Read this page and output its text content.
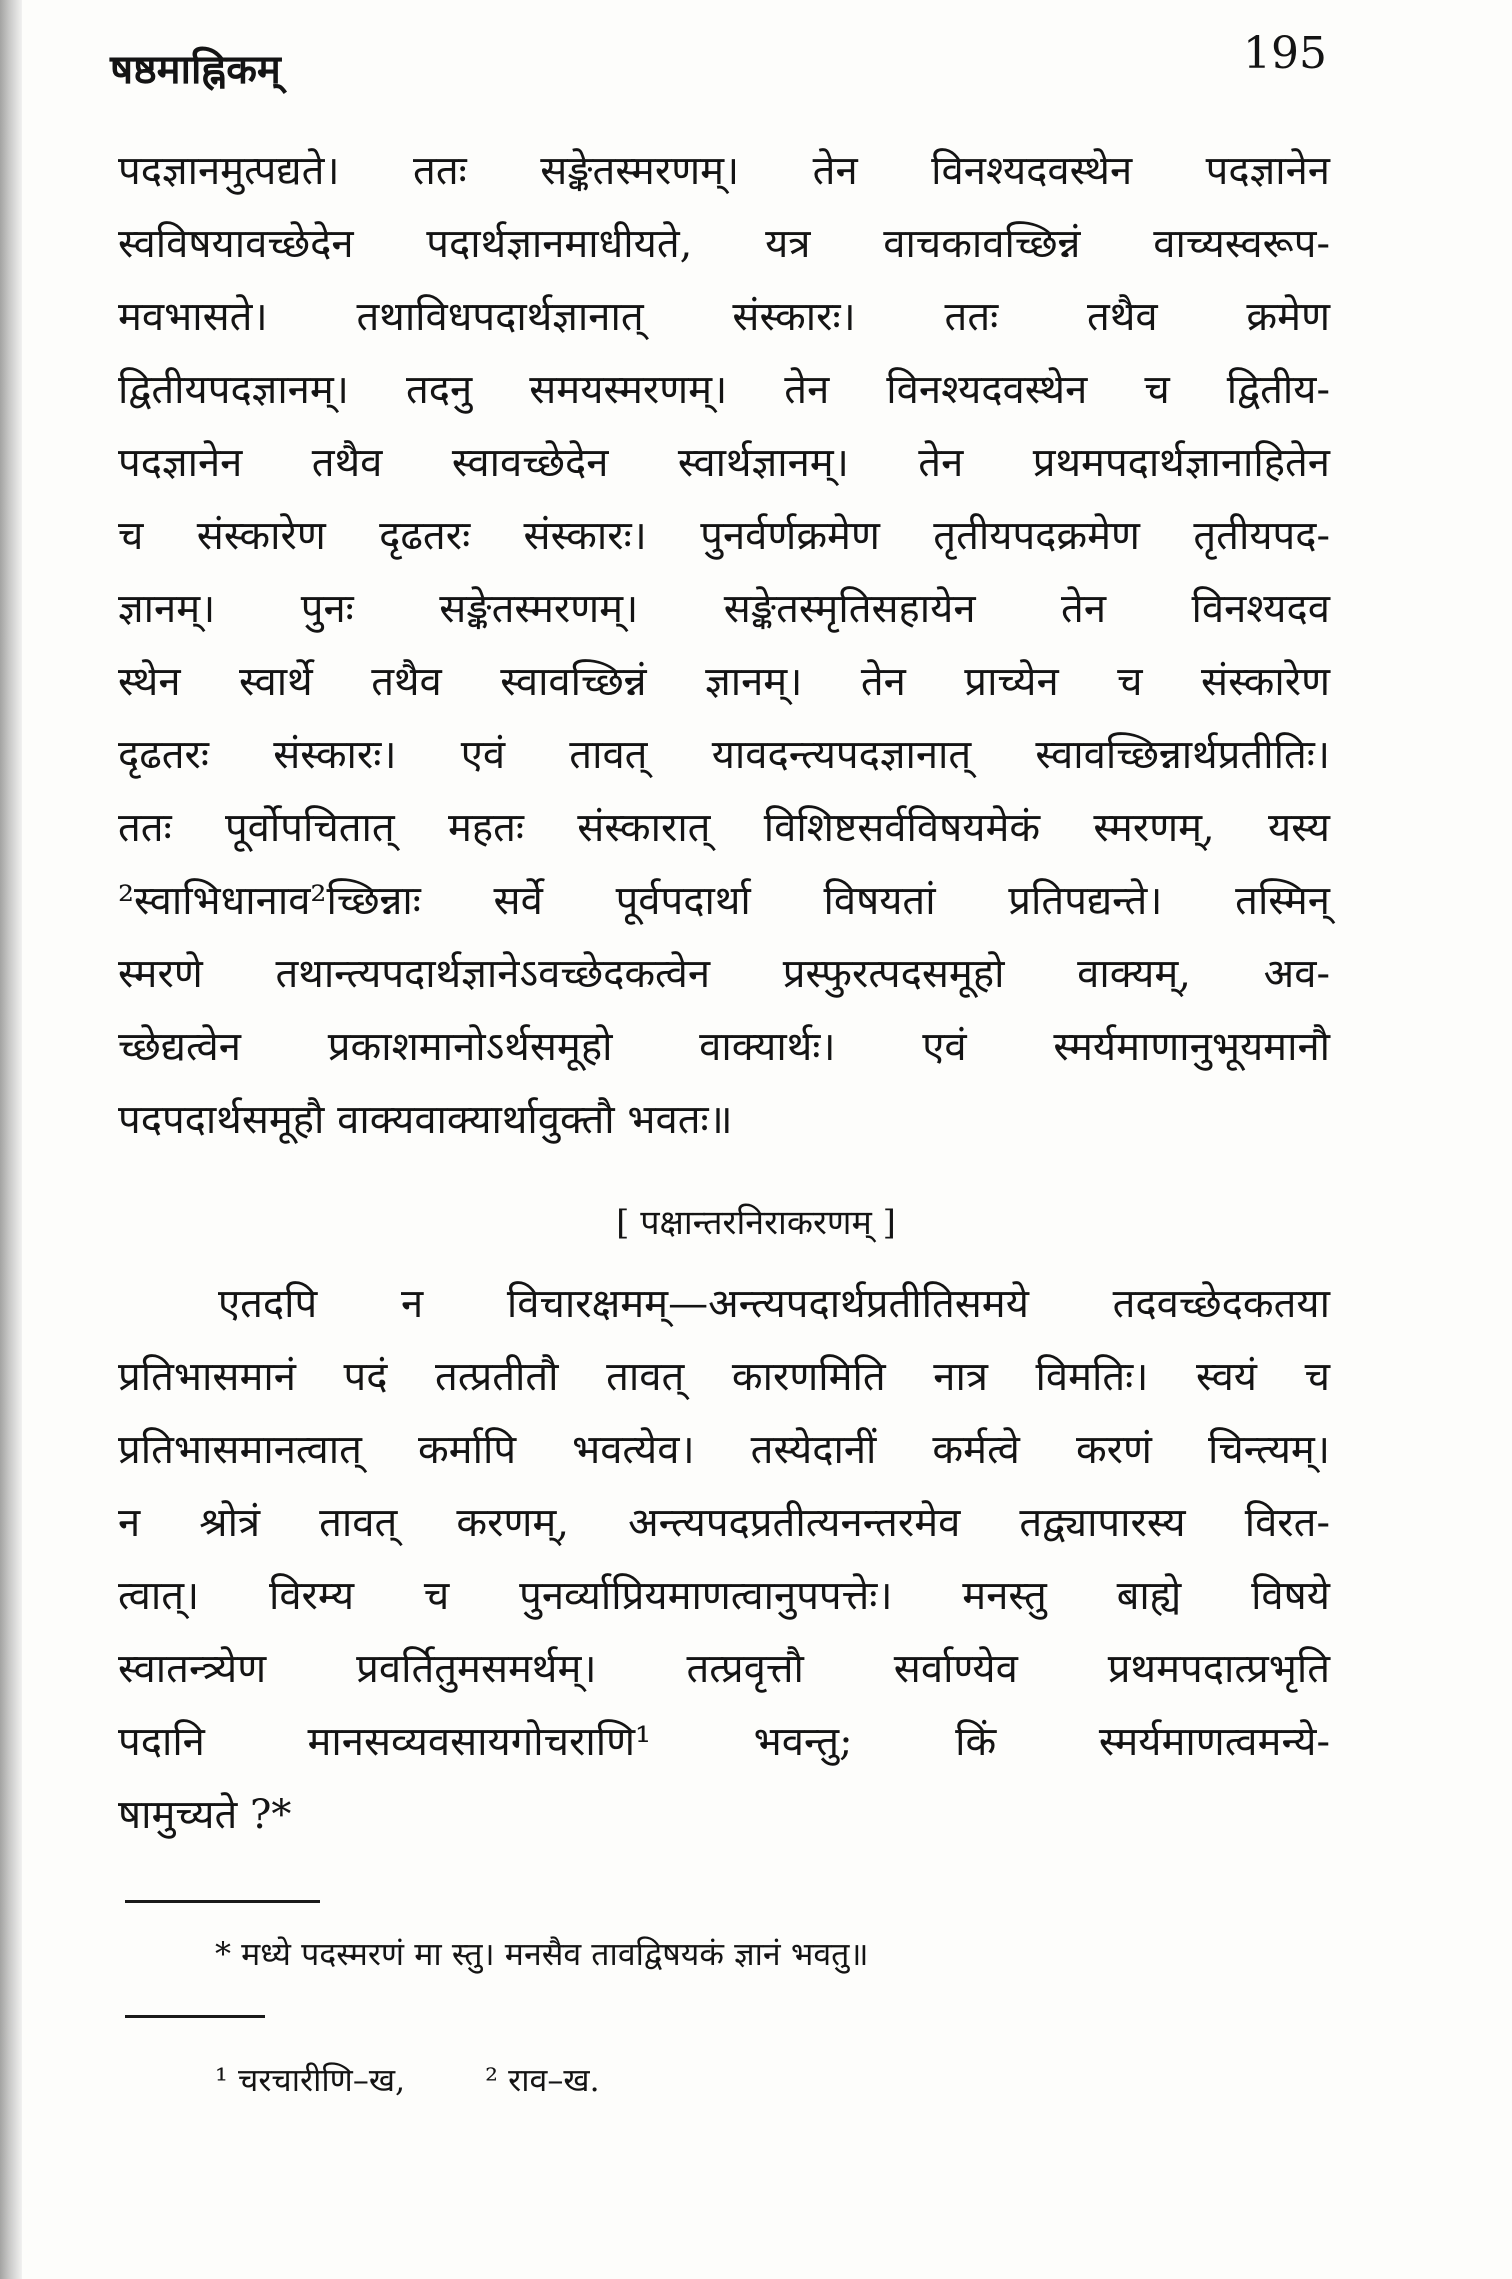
षष्ठमाह्निकम्	195
पदज्ञानमुत्पद्यते। ततः सङ्केतस्मरणम्। तेन विनश्यदवस्थेन पदज्ञानेन
स्वविषयावच्छेदेन पदार्थज्ञानमाधीयते, यत्र वाचकावच्छिन्नं वाच्यस्वरूप-
मवभासते। तथाविधपदार्थज्ञानात् संस्कारः। ततः तथैव क्रमेण
द्वितीयपदज्ञानम्। तदनु समयस्मरणम्। तेन विनश्यदवस्थेन च द्वितीय-
पदज्ञानेन तथैव स्वावच्छेदेन स्वार्थज्ञानम्। तेन प्रथमपदार्थज्ञानाहितेन
च संस्कारेण दृढतरः संस्कारः। पुनर्वर्णक्रमेण तृतीयपदक्रमेण तृतीयपद-
ज्ञानम्। पुनः सङ्केतस्मरणम्। सङ्केतस्मृतिसहायेन तेन विनश्यदव
स्थेन स्वार्थे तथैव स्वावच्छिन्नं ज्ञानम्। तेन प्राच्येन च संस्कारेण
दृढतरः संस्कारः। एवं तावत् यावदन्त्यपदज्ञानात् स्वावच्छिन्नार्थप्रतीतिः।
ततः पूर्वोपचितात् महतः संस्कारात् विशिष्टसर्वविषयमेकं स्मरणम्, यस्य
²स्वाभिधानाव²च्छिन्नाः सर्वे पूर्वपदार्था विषयतां प्रतिपद्यन्ते। तस्मिन्
स्मरणे तथान्त्यपदार्थज्ञानेऽवच्छेदकत्वेन प्रस्फुरत्पदसमूहो वाक्यम्, अव-
च्छेद्यत्वेन प्रकाशमानोऽर्थसमूहो वाक्यार्थः। एवं स्मर्यमाणानुभूयमानौ
पदपदार्थसमूहौ वाक्यवाक्यार्थावुक्तौ भवतः॥
[ पक्षान्तरनिराकरणम् ]
एतदपि न विचारक्षमम्—अन्त्यपदार्थप्रतीतिसमये तदवच्छेदकतया
प्रतिभासमानं पदं तत्प्रतीतौ तावत् कारणमिति नात्र विमतिः। स्वयं च
प्रतिभासमानत्वात् कर्मापि भवत्येव। तस्येदानीं कर्मत्वे करणं चिन्त्यम्।
न श्रोत्रं तावत् करणम्, अन्त्यपदप्रतीत्यनन्तरमेव तद्व्यापारस्य विरत-
त्वात्। विरम्य च पुनर्व्याप्रियमाणत्वानुपपत्तेः। मनस्तु बाह्ये विषये
स्वातन्त्र्येण प्रवर्तितुमसमर्थम्। तत्प्रवृत्तौ सर्वाण्येव प्रथमपदात्प्रभृति
पदानि मानसव्यवसायगोचराणि¹ भवन्तु; किं स्मर्यमाणत्वमन्ये-
षामुच्यते ?*
* मध्ये पदस्मरणं मा स्तु। मनसैव तावद्विषयकं ज्ञानं भवतु॥
¹ चरचारीणि–ख,	² राव–ख.
